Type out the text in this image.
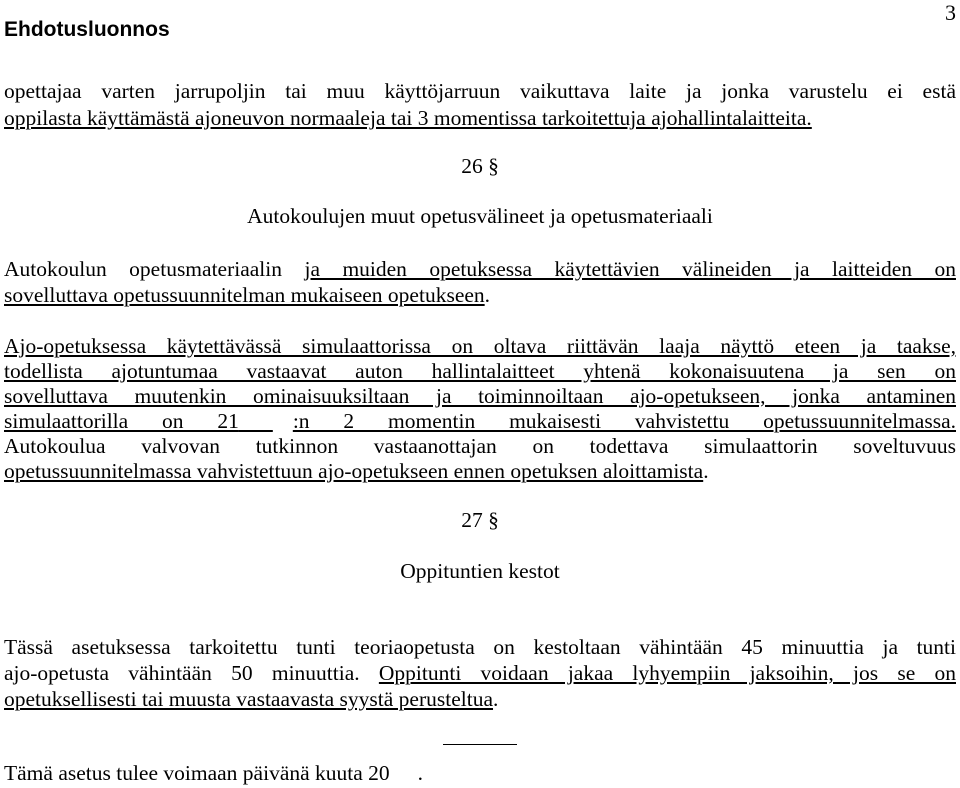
Ehdotusluonnos
3
opettajaa varten jarrupoljin tai muu käyttöjarruun vaikuttava laite ja jonka varustelu ei estä
oppilasta käyttämästä ajoneuvon normaaleja tai 3 momentissa tarkoitettuja ajohallintalaitteita.
26 §
Autokoulujen muut opetusvälineet ja opetusmateriaali
Autokoulun opetusmateriaalin ja muiden opetuksessa käytettävien välineiden ja laitteiden on
sovelluttava opetussuunnitelman mukaiseen opetukseen.
Ajo-opetuksessa käytettävässä simulaattorissa on oltava riittävän laaja näyttö eteen ja taakse,
todellista ajotuntumaa vastaavat auton hallintalaitteet yhtenä kokonaisuutena ja sen on
sovelluttava muutenkin ominaisuuksiltaan ja toiminnoiltaan ajo-opetukseen, jonka antaminen
simulaattorilla on 21	:n 2 momentin mukaisesti vahvistettu opetussuunnitelmassa.
Autokoulua valvovan tutkinnon vastaanottajan on todettava simulaattorin soveltuvuus
opetussuunnitelmassa vahvistettuun ajo-opetukseen ennen opetuksen aloittamista.
27 §
Oppituntien kestot
Tässä asetuksessa tarkoitettu tunti teoriaopetusta on kestoltaan vähintään 45 minuuttia ja tunti
ajo-opetusta vähintään 50 minuuttia. Oppitunti voidaan jakaa lyhyempiin jaksoihin, jos se on
opetuksellisesti tai muusta vastaavasta syystä perusteltua.
Tämä asetus tulee voimaan päivänä kuuta 20 .
